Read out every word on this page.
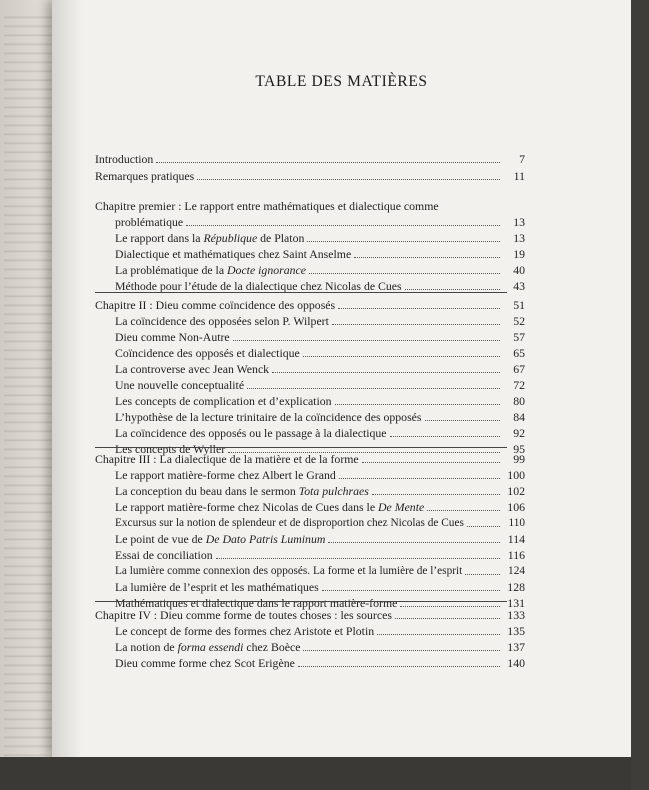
TABLE DES MATIÈRES
Introduction	7
Remarques pratiques	11
Chapitre premier : Le rapport entre mathématiques et dialectique comme
problématique	13
Le rapport dans la République de Platon	13
Dialectique et mathématiques chez Saint Anselme	19
La problématique de la Docte ignorance	40
Méthode pour l’étude de la dialectique chez Nicolas de Cues	43
Chapitre II : Dieu comme coïncidence des opposés	51
La coïncidence des opposées selon P. Wilpert	52
Dieu comme Non-Autre	57
Coïncidence des opposés et dialectique	65
La controverse avec Jean Wenck	67
Une nouvelle conceptualité	72
Les concepts de complication et d’explication	80
L’hypothèse de la lecture trinitaire de la coïncidence des opposés	84
La coïncidence des opposés ou le passage à la dialectique	92
Les concepts de Wyller	95
Chapitre III : La dialectique de la matière et de la forme	99
Le rapport matière-forme chez Albert le Grand	100
La conception du beau dans le sermon Tota pulchraes	102
Le rapport matière-forme chez Nicolas de Cues dans le De Mente	106
Excursus sur la notion de splendeur et de disproportion chez Nicolas de Cues	110
Le point de vue de De Dato Patris Luminum	114
Essai de conciliation	116
La lumière comme connexion des opposés. La forme et la lumière de l’esprit	124
La lumière de l’esprit et les mathématiques	128
Mathématiques et dialectique dans le rapport matière-forme	131
Chapitre IV : Dieu comme forme de toutes choses : les sources	133
Le concept de forme des formes chez Aristote et Plotin	135
La notion de forma essendi chez Boèce	137
Dieu comme forme chez Scot Erigène	140
